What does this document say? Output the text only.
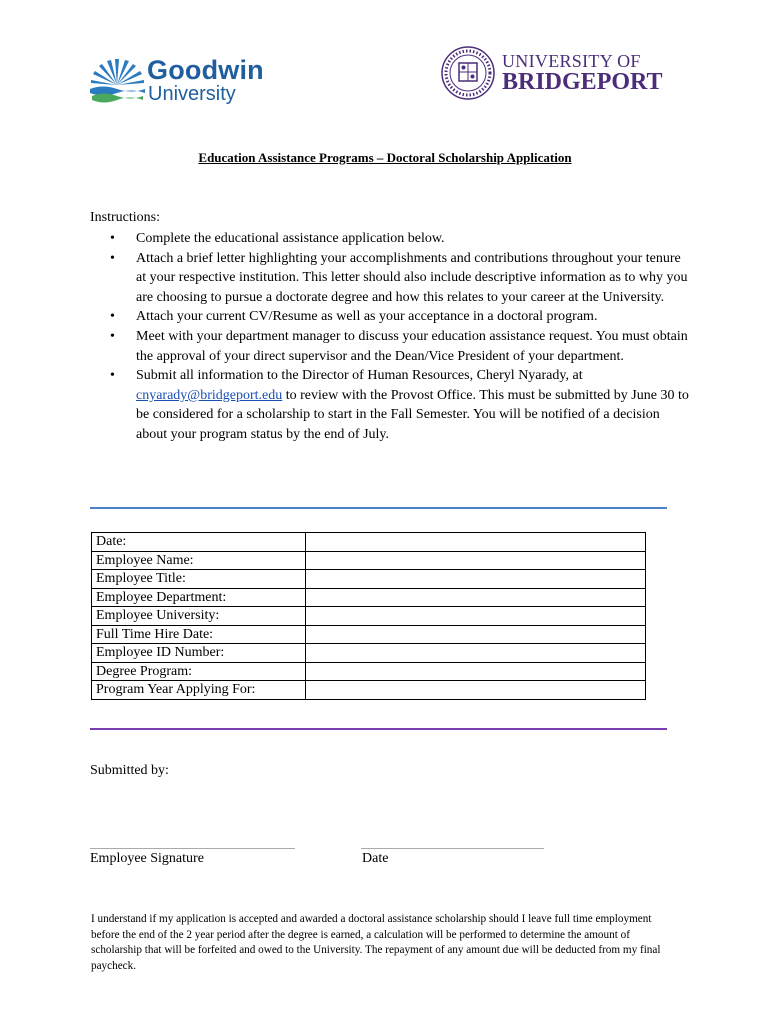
Goodwin
University
UNIVERSITY OF
BRIDGEPORT
Education Assistance Programs – Doctoral Scholarship Application
Instructions:
• Complete the educational assistance application below.
• Attach a brief letter highlighting your accomplishments and contributions throughout your tenure at your respective institution. This letter should also include descriptive information as to why you are choosing to pursue a doctorate degree and how this relates to your career at the University.
• Attach your current CV/Resume as well as your acceptance in a doctoral program.
• Meet with your department manager to discuss your education assistance request. You must obtain the approval of your direct supervisor and the Dean/Vice President of your department.
• Submit all information to the Director of Human Resources, Cheryl Nyarady, at cnyarady@bridgeport.edu to review with the Provost Office. This must be submitted by June 30 to be considered for a scholarship to start in the Fall Semester. You will be notified of a decision about your program status by the end of July.
Date:	
Employee Name:	
Employee Title:	
Employee Department:	
Employee University:	
Full Time Hire Date:	
Employee ID Number:	
Degree Program:	
Program Year Applying For:	
Submitted by:
Employee Signature	Date
I understand if my application is accepted and awarded a doctoral assistance scholarship should I leave full time employment before the end of the 2 year period after the degree is earned, a calculation will be performed to determine the amount of scholarship that will be forfeited and owed to the University. The repayment of any amount due will be deducted from my final paycheck.
